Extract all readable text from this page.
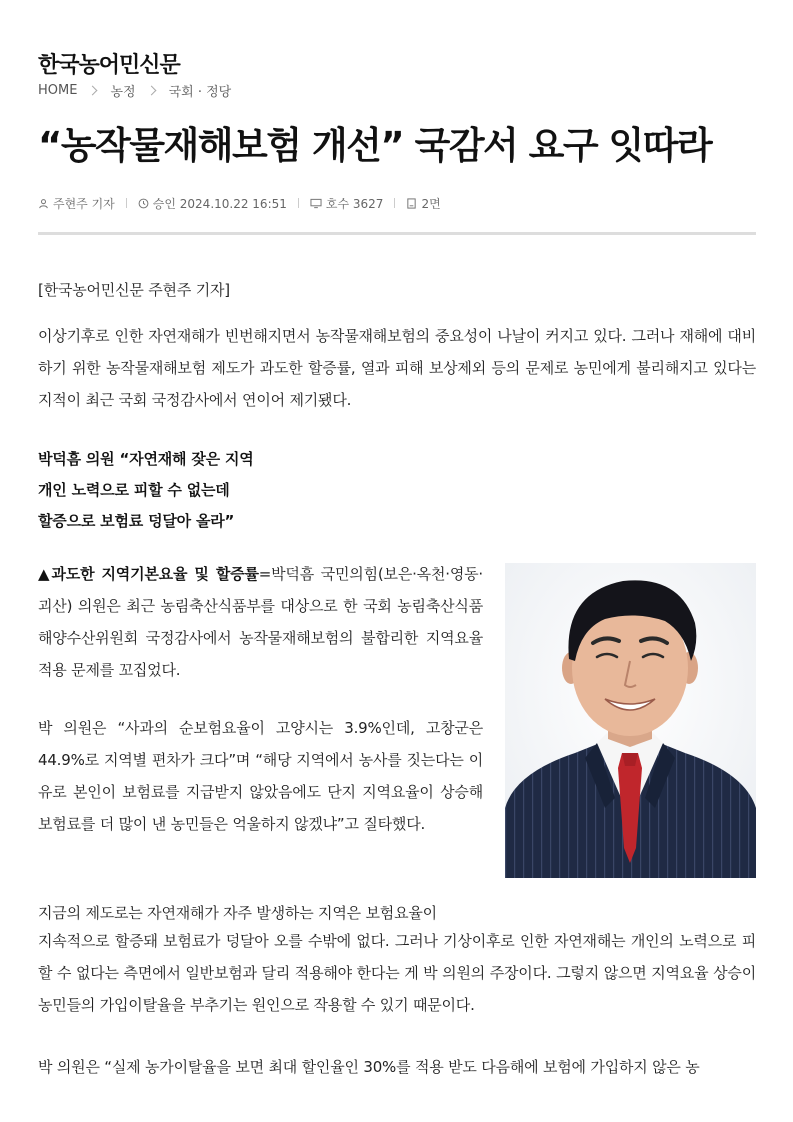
한국농어민신문
HOME	농정	국회 · 정당
“농작물재해보험 개선” 국감서 요구 잇따라
주현주 기자	승인 2024.10.22 16:51	호수 3627	2면

[한국농어민신문 주현주 기자]

이상기후로 인한 자연재해가 빈번해지면서 농작물재해보험의 중요성이 나날이 커지고 있다. 그러나 재해에 대비하기 위한 농작물재해보험 제도가 과도한 할증률, 열과 피해 보상제외 등의 문제로 농민에게 불리해지고 있다는 지적이 최근 국회 국정감사에서 연이어 제기됐다.

박덕흠 의원 “자연재해 잦은 지역
개인 노력으로 피할 수 없는데
할증으로 보험료 덩달아 올라”

▲과도한 지역기본요율 및 할증률=박덕흠 국민의힘(보은·옥천·영동·괴산) 의원은 최근 농림축산식품부를 대상으로 한 국회 농림축산식품해양수산위원회 국정감사에서 농작물재해보험의 불합리한 지역요율 적용 문제를 꼬집었다.

박 의원은 “사과의 순보험요율이 고양시는 3.9%인데, 고창군은 44.9%로 지역별 편차가 크다”며 “해당 지역에서 농사를 짓는다는 이유로 본인이 보험료를 지급받지 않았음에도 단지 지역요율이 상승해 보험료를 더 많이 낸 농민들은 억울하지 않겠냐”고 질타했다.

지금의 제도로는 자연재해가 자주 발생하는 지역은 보험요율이

지속적으로 할증돼 보험료가 덩달아 오를 수밖에 없다. 그러나 기상이후로 인한 자연재해는 개인의 노력으로 피할 수 없다는 측면에서 일반보험과 달리 적용해야 한다는 게 박 의원의 주장이다. 그렇지 않으면 지역요율 상승이 농민들의 가입이탈율을 부추기는 원인으로 작용할 수 있기 때문이다.

박 의원은 “실제 농가이탈율을 보면 최대 할인율인 30%를 적용 받도 다음해에 보험에 가입하지 않은 농
